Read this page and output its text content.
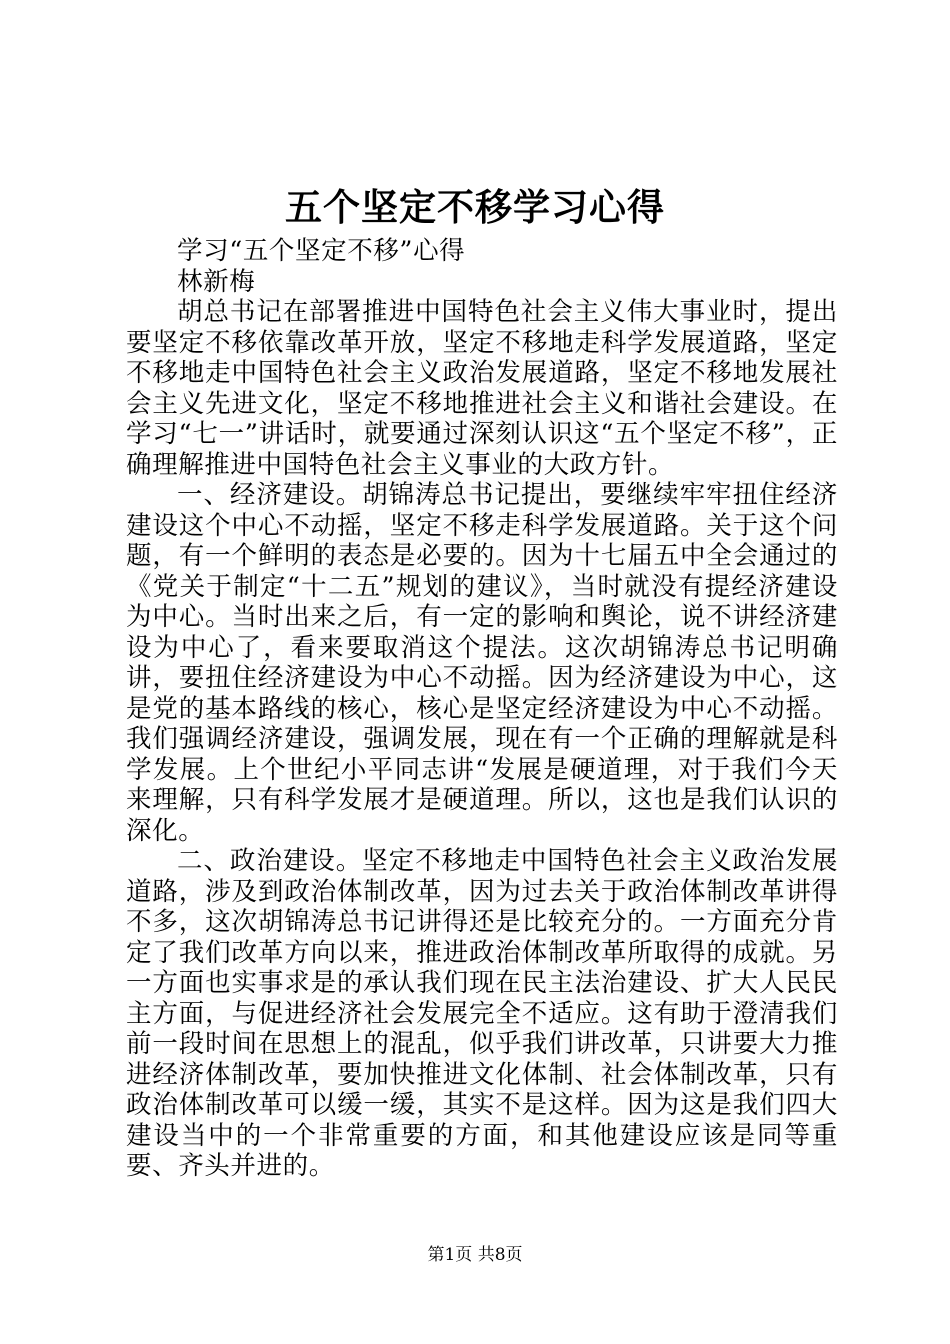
五个坚定不移学习心得

学习“五个坚定不移”心得

林新梅

胡总书记在部署推进中国特色社会主义伟大事业时，提出要坚定不移依靠改革开放，坚定不移地走科学发展道路，坚定不移地走中国特色社会主义政治发展道路，坚定不移地发展社会主义先进文化，坚定不移地推进社会主义和谐社会建设。在学习“七一”讲话时，就要通过深刻认识这“五个坚定不移”，正确理解推进中国特色社会主义事业的大政方针。

一、经济建设。胡锦涛总书记提出，要继续牢牢扭住经济建设这个中心不动摇，坚定不移走科学发展道路。关于这个问题，有一个鲜明的表态是必要的。因为十七届五中全会通过的《党关于制定“十二五”规划的建议》，当时就没有提经济建设为中心。当时出来之后，有一定的影响和舆论，说不讲经济建设为中心了，看来要取消这个提法。这次胡锦涛总书记明确讲，要扭住经济建设为中心不动摇。因为经济建设为中心，这是党的基本路线的核心，核心是坚定经济建设为中心不动摇。我们强调经济建设，强调发展，现在有一个正确的理解就是科学发展。上个世纪小平同志讲“发展是硬道理，对于我们今天来理解，只有科学发展才是硬道理。所以，这也是我们认识的深化。

二、政治建设。坚定不移地走中国特色社会主义政治发展道路，涉及到政治体制改革，因为过去关于政治体制改革讲得不多，这次胡锦涛总书记讲得还是比较充分的。一方面充分肯定了我们改革方向以来，推进政治体制改革所取得的成就。另一方面也实事求是的承认我们现在民主法治建设、扩大人民民主方面，与促进经济社会发展完全不适应。这有助于澄清我们前一段时间在思想上的混乱，似乎我们讲改革，只讲要大力推进经济体制改革，要加快推进文化体制、社会体制改革，只有政治体制改革可以缓一缓，其实不是这样。因为这是我们四大建设当中的一个非常重要的方面，和其他建设应该是同等重要、齐头并进的。

第1页 共8页
